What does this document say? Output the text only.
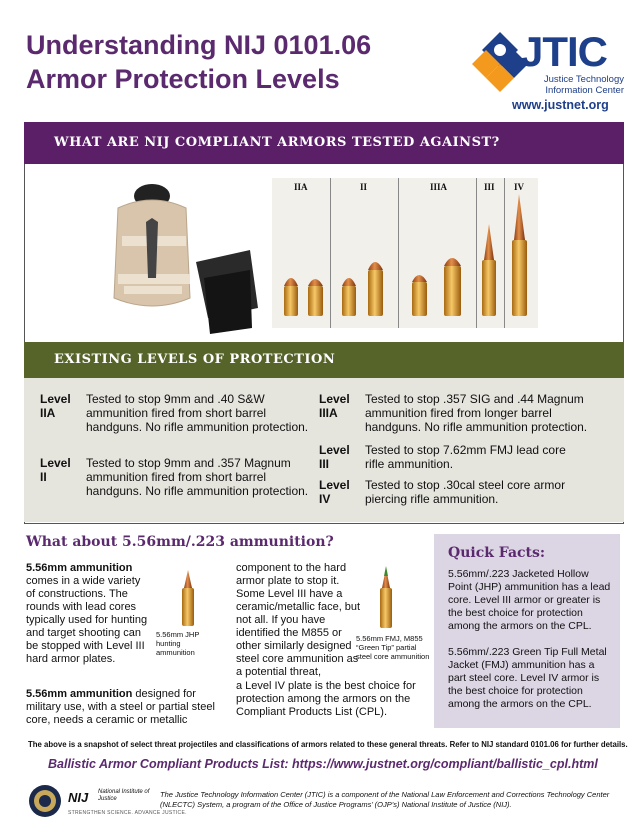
Understanding NIJ 0101.06
Armor Protection Levels
JTIC
Justice Technology
Information Center
www.justnet.org
WHAT ARE NIJ COMPLIANT ARMORS TESTED AGAINST?
IIA	II	IIIA	III IV
EXISTING LEVELS OF PROTECTION
Level
IIA

Tested to stop 9mm and .40 S&W ammunition fired from short barrel handguns. No rifle ammunition protection.

Level
II

Tested to stop 9mm and .357 Magnum ammunition fired from short barrel handguns. No rifle ammunition protection.

Level
IIIA

Tested to stop .357 SIG and .44 Magnum ammunition fired from longer barrel handguns. No rifle ammunition protection.

Level
III

Tested to stop 7.62mm FMJ lead core rifle ammunition.

Level
IV

Tested to stop .30cal steel core armor piercing rifle ammunition.

What about 5.56mm/.223 ammunition?
5.56mm ammunition comes in a wide variety of constructions. The rounds with lead cores typically used for hunting and target shooting can be stopped with Level III hard armor plates.
5.56mm ammunition designed for military use, with a steel or partial steel core, needs a ceramic or metallic
5.56mm JHP hunting ammunition
component to the hard armor plate to stop it. Some Level III have a ceramic/metallic face, but not all. If you have identified the M855 or other similarly designed steel core ammunition as a potential threat,
a Level IV plate is the best choice for protection among the armors on the Compliant Products List (CPL).
5.56mm FMJ, M855 “Green Tip” partial steel core ammunition
Quick Facts:
5.56mm/.223 Jacketed Hollow Point (JHP) ammunition has a lead core. Level III armor or greater is the best choice for protection among the armors on the CPL.
5.56mm/.223 Green Tip Full Metal Jacket (FMJ) ammunition has a part steel core. Level IV armor is the best choice for protection among the armors on the CPL.
The above is a snapshot of select threat projectiles and classifications of armors related to these general threats. Refer to NIJ standard 0101.06 for further details.
Ballistic Armor Compliant Products List: https://www.justnet.org/compliant/ballistic_cpl.html
NIJ National Institute of Justice
STRENGTHEN SCIENCE. ADVANCE JUSTICE.
The Justice Technology Information Center (JTIC) is a component of the National Law Enforcement and Corrections Technology Center (NLECTC) System, a program of the Office of Justice Programs’ (OJP’s) National Institute of Justice (NIJ).
